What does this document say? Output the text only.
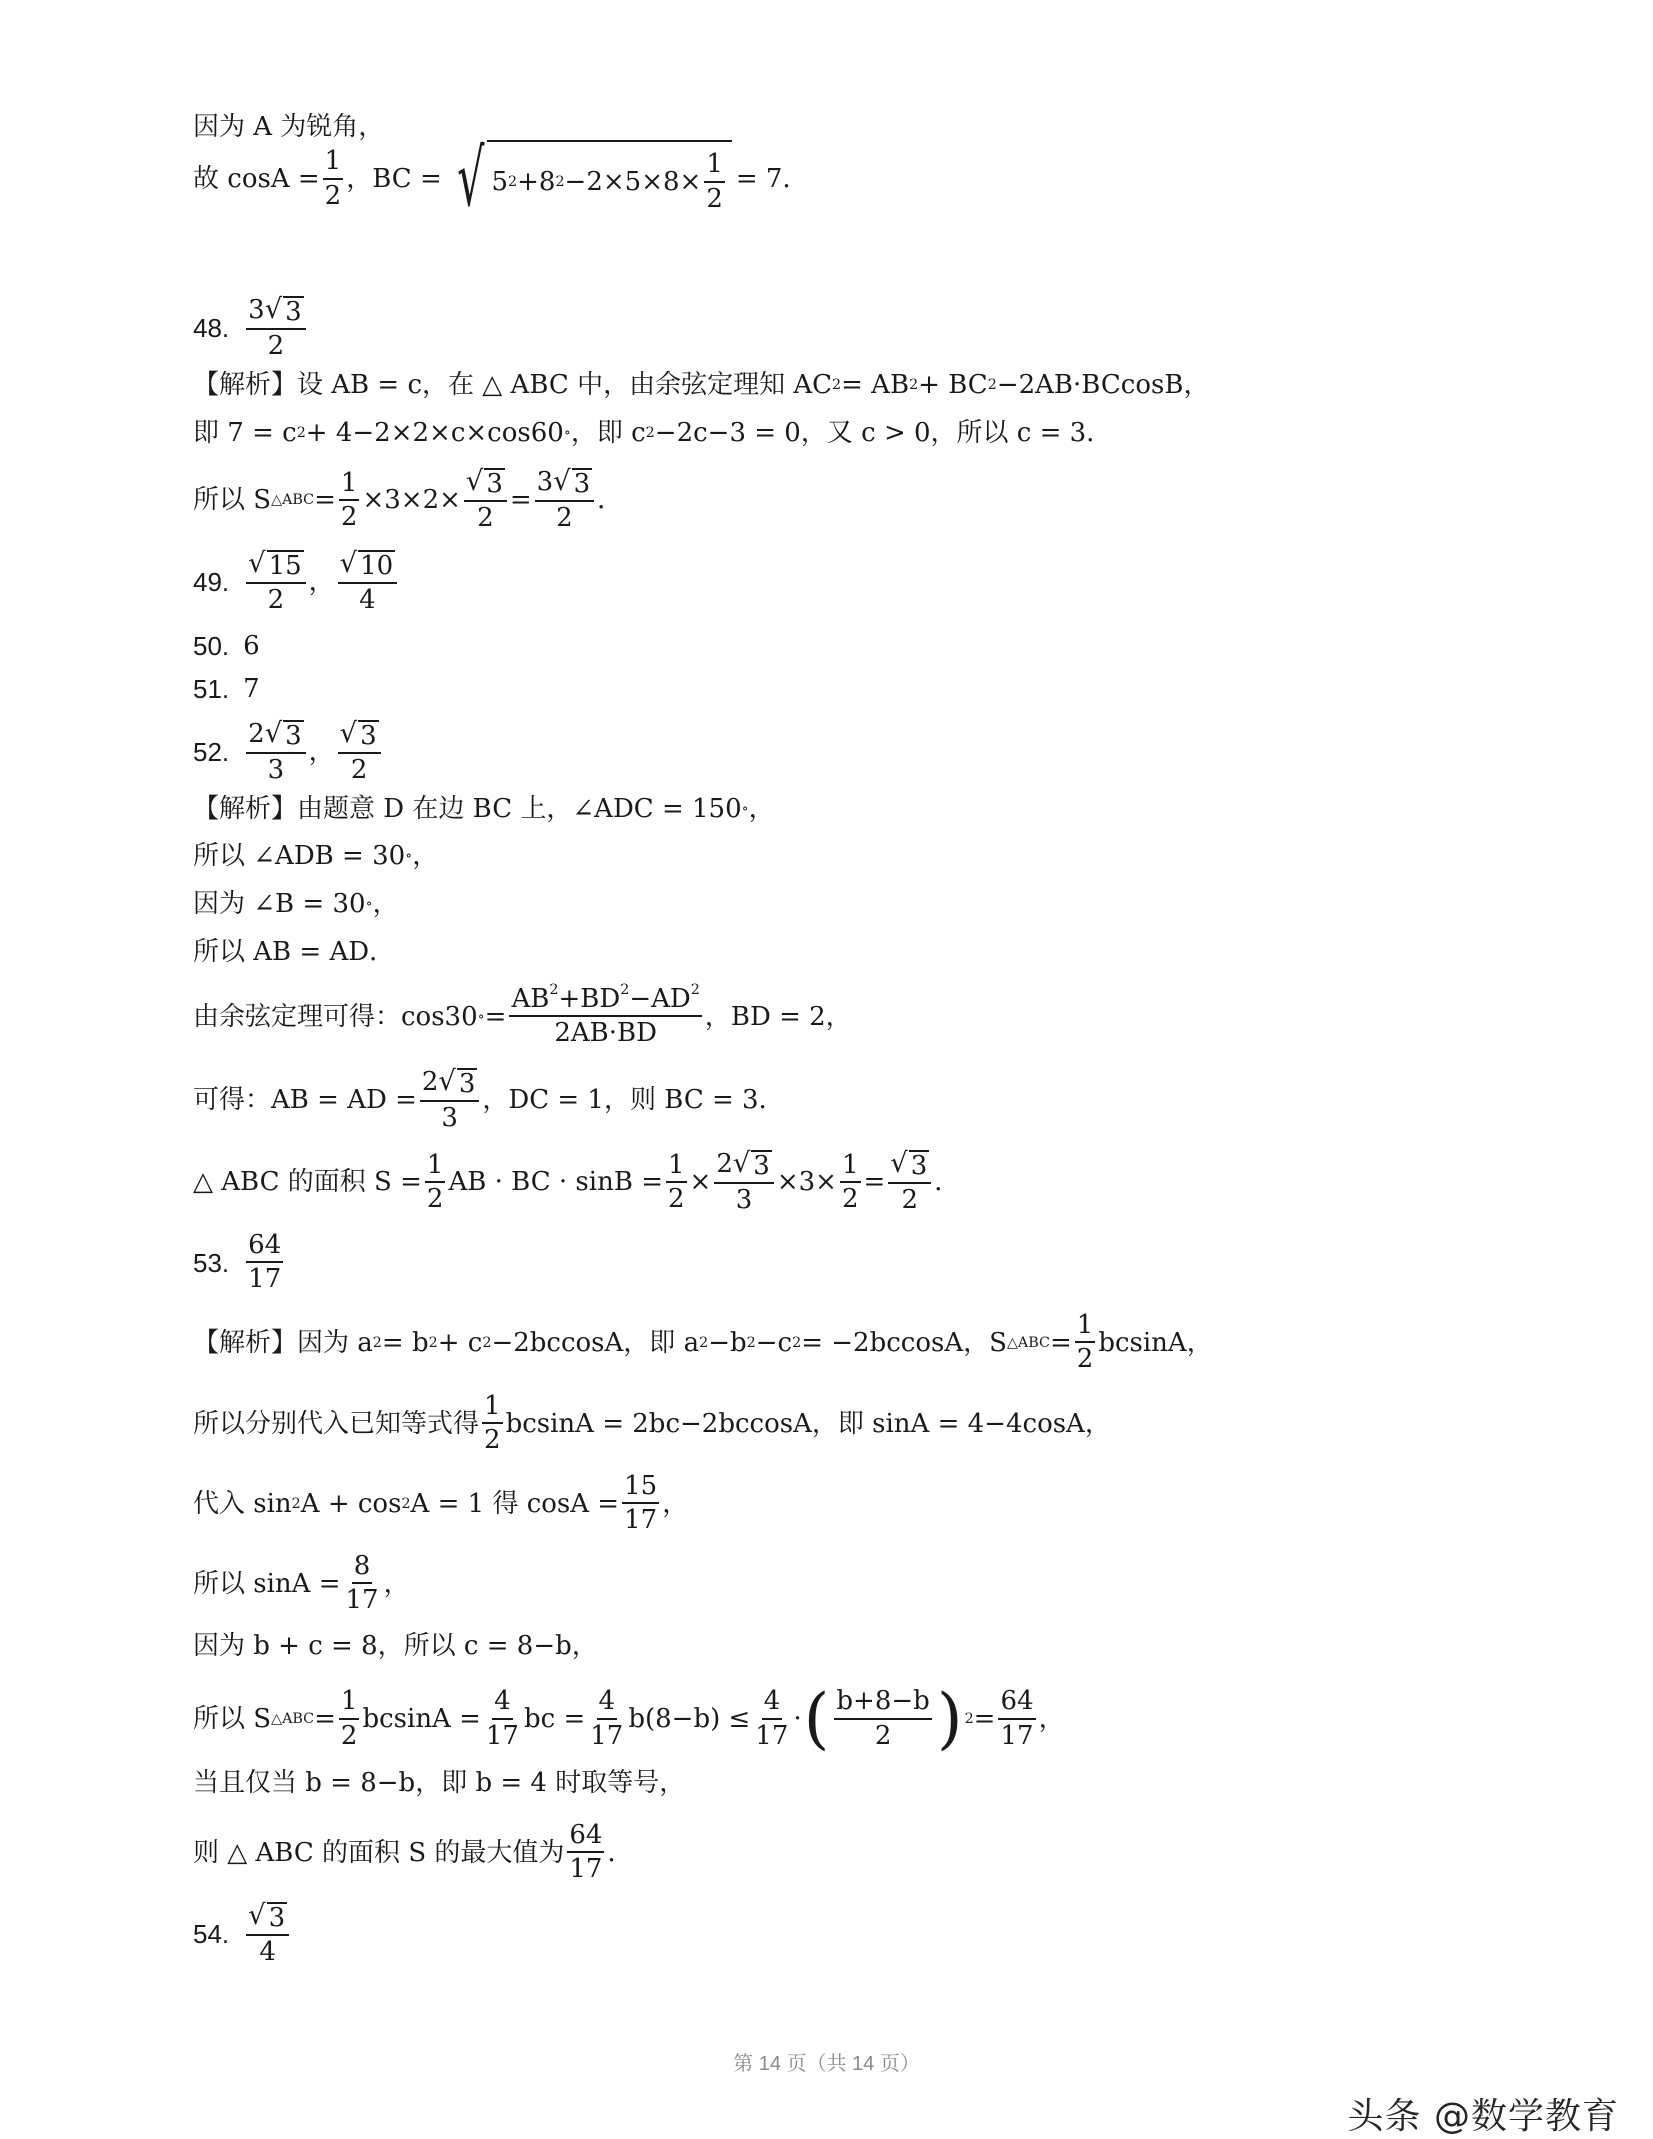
因为 A 为锐角，
故 $\cos A = \frac{1}{2}$ ，BC = √ 5 2 +8 $2 -2\times 5\times 8\times \frac{1}{2} = 7$．
48. $\frac{3 √ 3}{2}$
【解析】设 AB = c，在 △ ABC 中，由余弦定理知 AC 2 = AB 2 + BC 2 −2AB·BCcosB，
即 7 = c 2 + 4−2×2×c×cos60 ∘ ，即 c 2 −2c−3 = 0，又 c > 0，所以 c = 3．
所以 S △ABC = $\frac{1}{2} \times 3\times 2\times \frac{√ 3}{2} = \frac{3 √ 3}{2}$ ．
49. $\frac{√ 15}{2}$ ， $\frac{√ 10}{4}$
50. 6
51. 7
52. $\frac{2 √ 3}{3}$ ， $\frac{√ 3}{2}$
【解析】由题意 D 在边 BC 上，∠ADC = 150 ∘ ，
所以 ∠ADB = 30 ∘ ，
因为 ∠B = 30 ∘ ，
所以 AB = AD．
由余弦定理可得：cos30 ∘ = $\frac{AB^2+BD^2-AD^2}{2AB\cdot BD}$ ，BD = 2，
可得：AB = AD = $\frac{2 √ 3}{3}$ ，DC = 1，则 BC = 3．
△ ABC 的面积 $S = \frac{1}{2}$ AB · BC · $\sin B = \frac{1}{2} \times \frac{2 √ 3}{3} \times 3\times \frac{1}{2} = \frac{√ 3}{2}$ ．
53. $\frac{64}{17}$
【解析】因为 a 2 = b 2 + c 2 −2bccosA，即 a 2 −b 2 −c 2 = −2bccosA，S △ABC = $\frac{1}{2}$ bcsinA，
所以分别代入已知等式得 $\frac{1}{2}$ bcsinA = 2bc−2bccosA，即 sinA = 4−4cosA，
代入 sin 2 A + cos 2 A = 1 得 $\cos A = \frac{15}{17}$ ，
所以 $\sin A = \frac{8}{17}$ ，
因为 b + c = 8，所以 c = 8−b，
所以 S △ABC = $\frac{1}{2}$ $bcsinA = \frac{4}{17}$ bc = $\frac{4}{17} b(8-b) \le \frac{4}{17}$ · ( $\frac{b+8-b}{2}$ ) $2 = \frac{64}{17}$ ，
当且仅当 b = 8−b，即 b = 4 时取等号，
则 △ ABC 的面积 S 的最大值为 $\frac{64}{17}$ ．
54. $\frac{√ 3}{4}$
第 14 页（共 14 页）
头条 @数学教育
